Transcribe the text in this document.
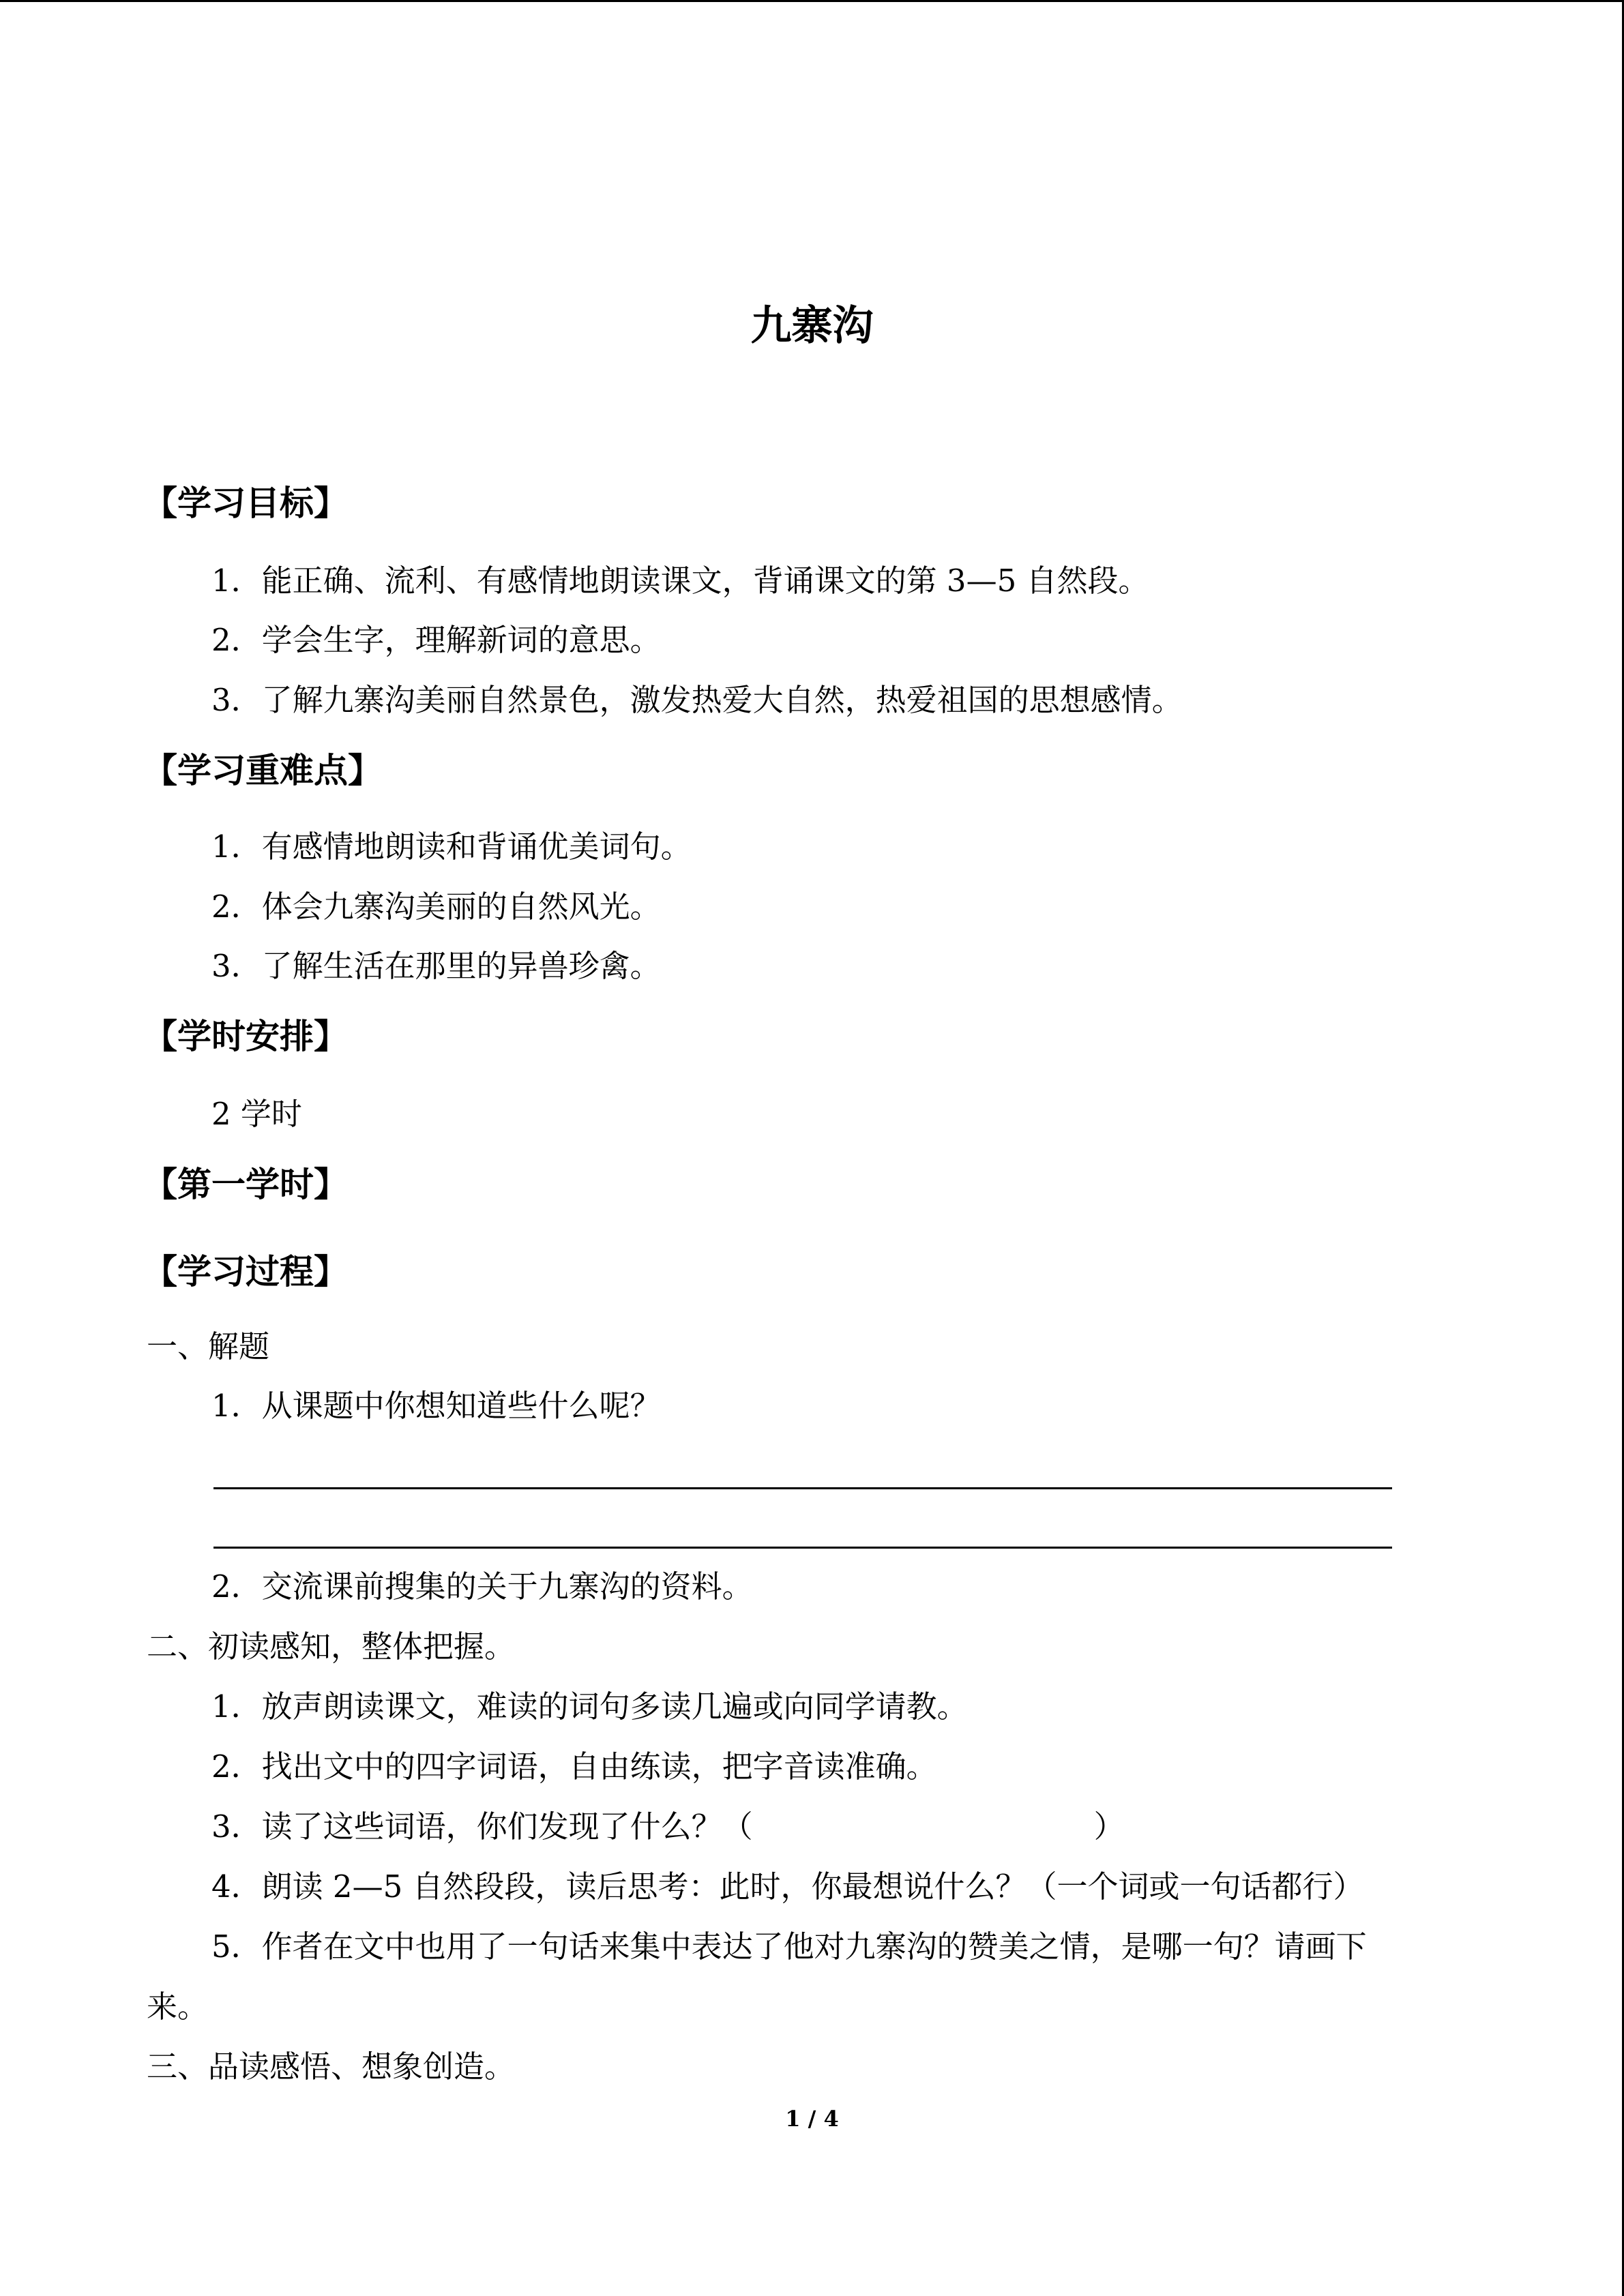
九寨沟
【学习目标】
1．能正确、流利、有感情地朗读课文，背诵课文的第 3—5 自然段。
2．学会生字，理解新词的意思。
3．了解九寨沟美丽自然景色，激发热爱大自然，热爱祖国的思想感情。
【学习重难点】
1．有感情地朗读和背诵优美词句。
2．体会九寨沟美丽的自然风光。
3．了解生活在那里的异兽珍禽。
【学时安排】
2 学时
【第一学时】
【学习过程】
一、解题
1．从课题中你想知道些什么呢？
2．交流课前搜集的关于九寨沟的资料。
二、初读感知，整体把握。
1．放声朗读课文，难读的词句多读几遍或向同学请教。
2．找出文中的四字词语，自由练读，把字音读准确。
3．读了这些词语，你们发现了什么？（	）
4．朗读 2—5 自然段段，读后思考：此时，你最想说什么？（一个词或一句话都行）
5．作者在文中也用了一句话来集中表达了他对九寨沟的赞美之情，是哪一句？请画下
来。
三、品读感悟、想象创造。
1 / 4
